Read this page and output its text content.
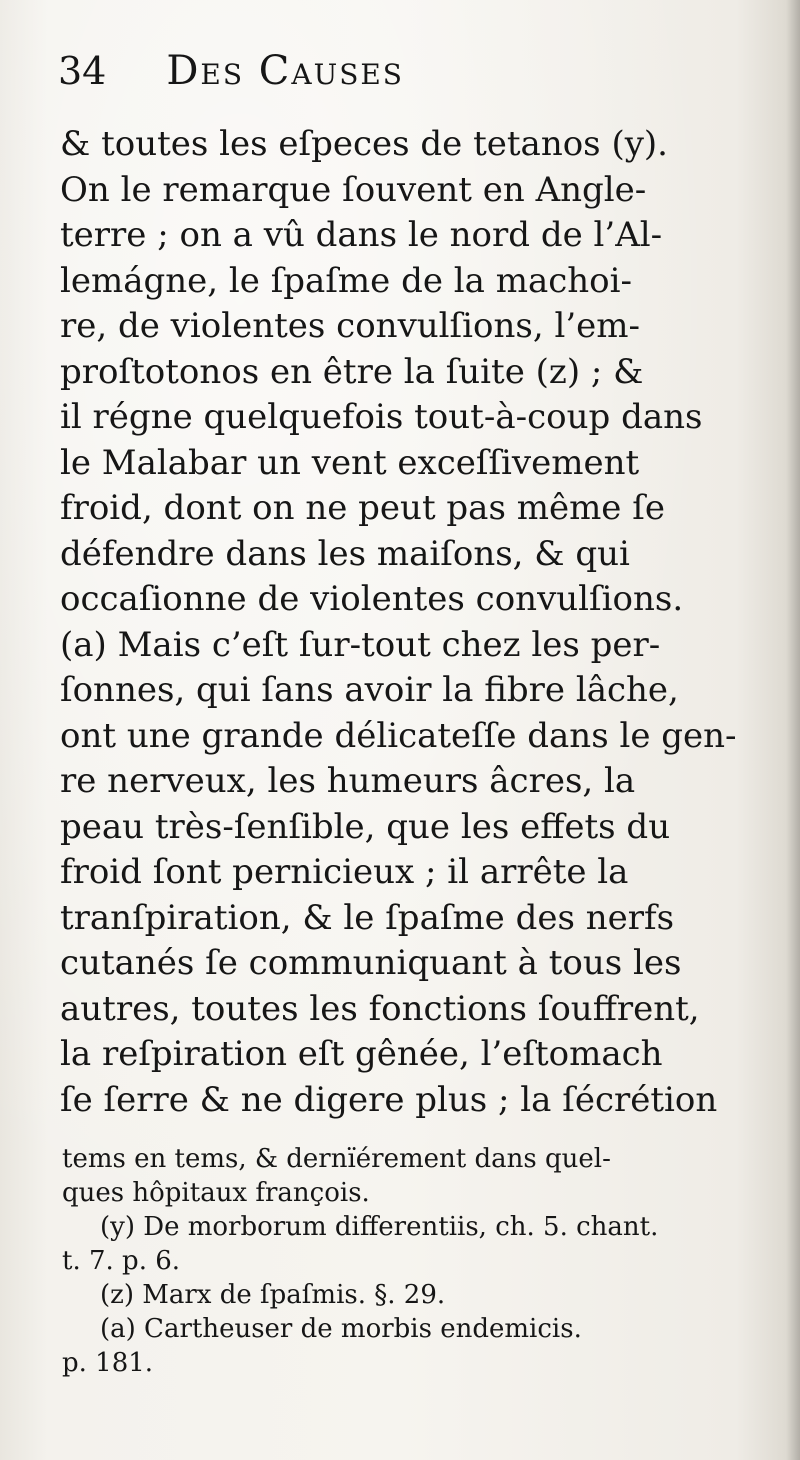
34 Des Causes
& toutes les eſpeces de tetanos (y).
On le remarque ſouvent en Angle-
terre ; on a vû dans le nord de l’Al-
lemágne, le ſpaſme de la machoi-
re, de violentes convulſions, l’em-
proſtotonos en être la ſuite (z) ; &
il régne quelquefois tout-à-coup dans
le Malabar un vent exceſſivement
froid, dont on ne peut pas même ſe
défendre dans les maiſons, & qui
occaſionne de violentes convulſions.
(a) Mais c’eſt ſur-tout chez les per-
ſonnes, qui ſans avoir la fibre lâche,
ont une grande délicateſſe dans le gen-
re nerveux, les humeurs âcres, la
peau très-ſenſible, que les effets du
froid ſont pernicieux ; il arrête la
tranſpiration, & le ſpaſme des nerfs
cutanés ſe communiquant à tous les
autres, toutes les fonctions ſouffrent,
la reſpiration eſt gênée, l’eſtomach
ſe ſerre & ne digere plus ; la ſécrétion
tems en tems, & dernïérement dans quel-
ques hôpitaux françois.
(y) De morborum differentiis, ch. 5. chant.
t. 7. p. 6.
(z) Marx de ſpaſmis. §. 29.
(a) Cartheuser de morbis endemicis.
p. 181.
